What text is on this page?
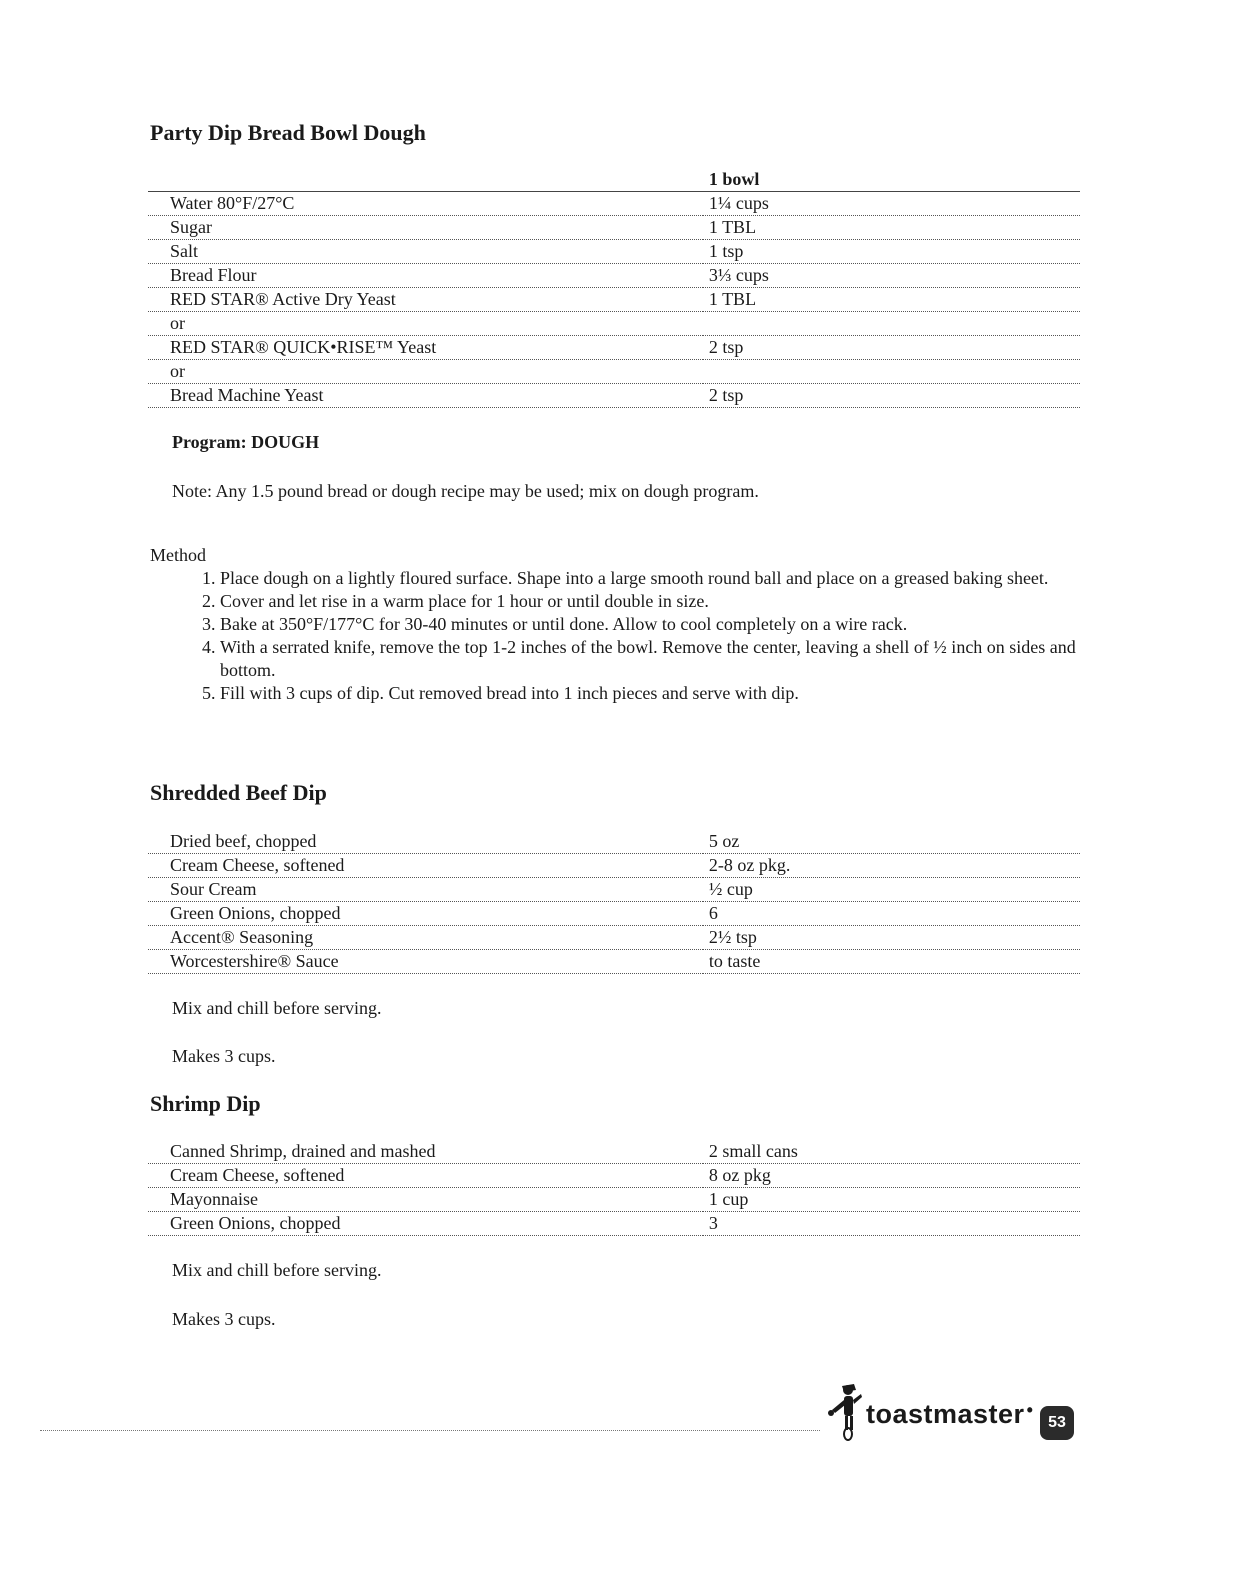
Party Dip Bread Bowl Dough
	1 bowl
Water 80°F/27°C	1¼ cups
Sugar	1 TBL
Salt	1 tsp
Bread Flour	3⅓ cups
RED STAR® Active Dry Yeast	1 TBL
or	
RED STAR® QUICK•RISE™ Yeast	2 tsp
or	
Bread Machine Yeast	2 tsp
Program: DOUGH
Note: Any 1.5 pound bread or dough recipe may be used; mix on dough program.
Method
1. Place dough on a lightly floured surface. Shape into a large smooth round ball and place on a greased baking sheet.
2. Cover and let rise in a warm place for 1 hour or until double in size.
3. Bake at 350°F/177°C for 30-40 minutes or until done. Allow to cool completely on a wire rack.
4. With a serrated knife, remove the top 1-2 inches of the bowl. Remove the center, leaving a shell of ½ inch on sides and bottom.
5. Fill with 3 cups of dip. Cut removed bread into 1 inch pieces and serve with dip.
Shredded Beef Dip
Dried beef, chopped	5 oz
Cream Cheese, softened	2-8 oz pkg.
Sour Cream	½ cup
Green Onions, chopped	6
Accent® Seasoning	2½ tsp
Worcestershire® Sauce	to taste
Mix and chill before serving.
Makes 3 cups.
Shrimp Dip
Canned Shrimp, drained and mashed	2 small cans
Cream Cheese, softened	8 oz pkg
Mayonnaise	1 cup
Green Onions, chopped	3
Mix and chill before serving.
Makes 3 cups.
toastmaster •
53
